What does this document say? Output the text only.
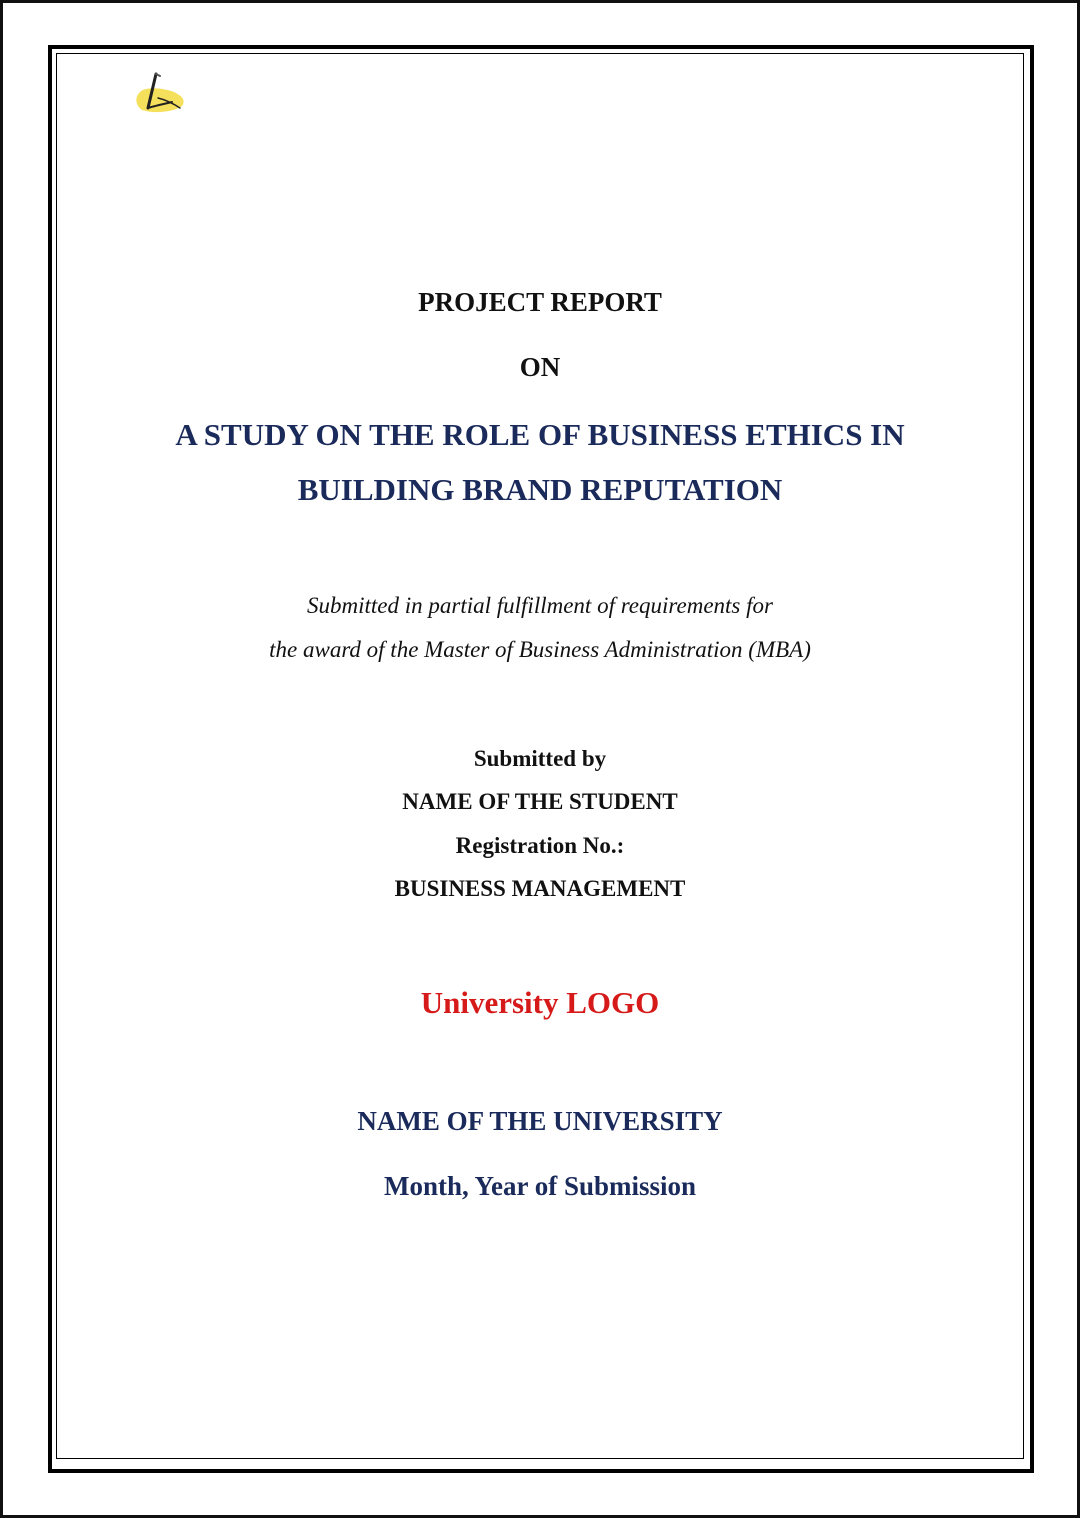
PROJECT REPORT
ON
A STUDY ON THE ROLE OF BUSINESS ETHICS IN
BUILDING BRAND REPUTATION
Submitted in partial fulfillment of requirements for
the award of the Master of Business Administration (MBA)
Submitted by
NAME OF THE STUDENT
Registration No.:
BUSINESS MANAGEMENT
University LOGO
NAME OF THE UNIVERSITY
Month, Year of Submission
